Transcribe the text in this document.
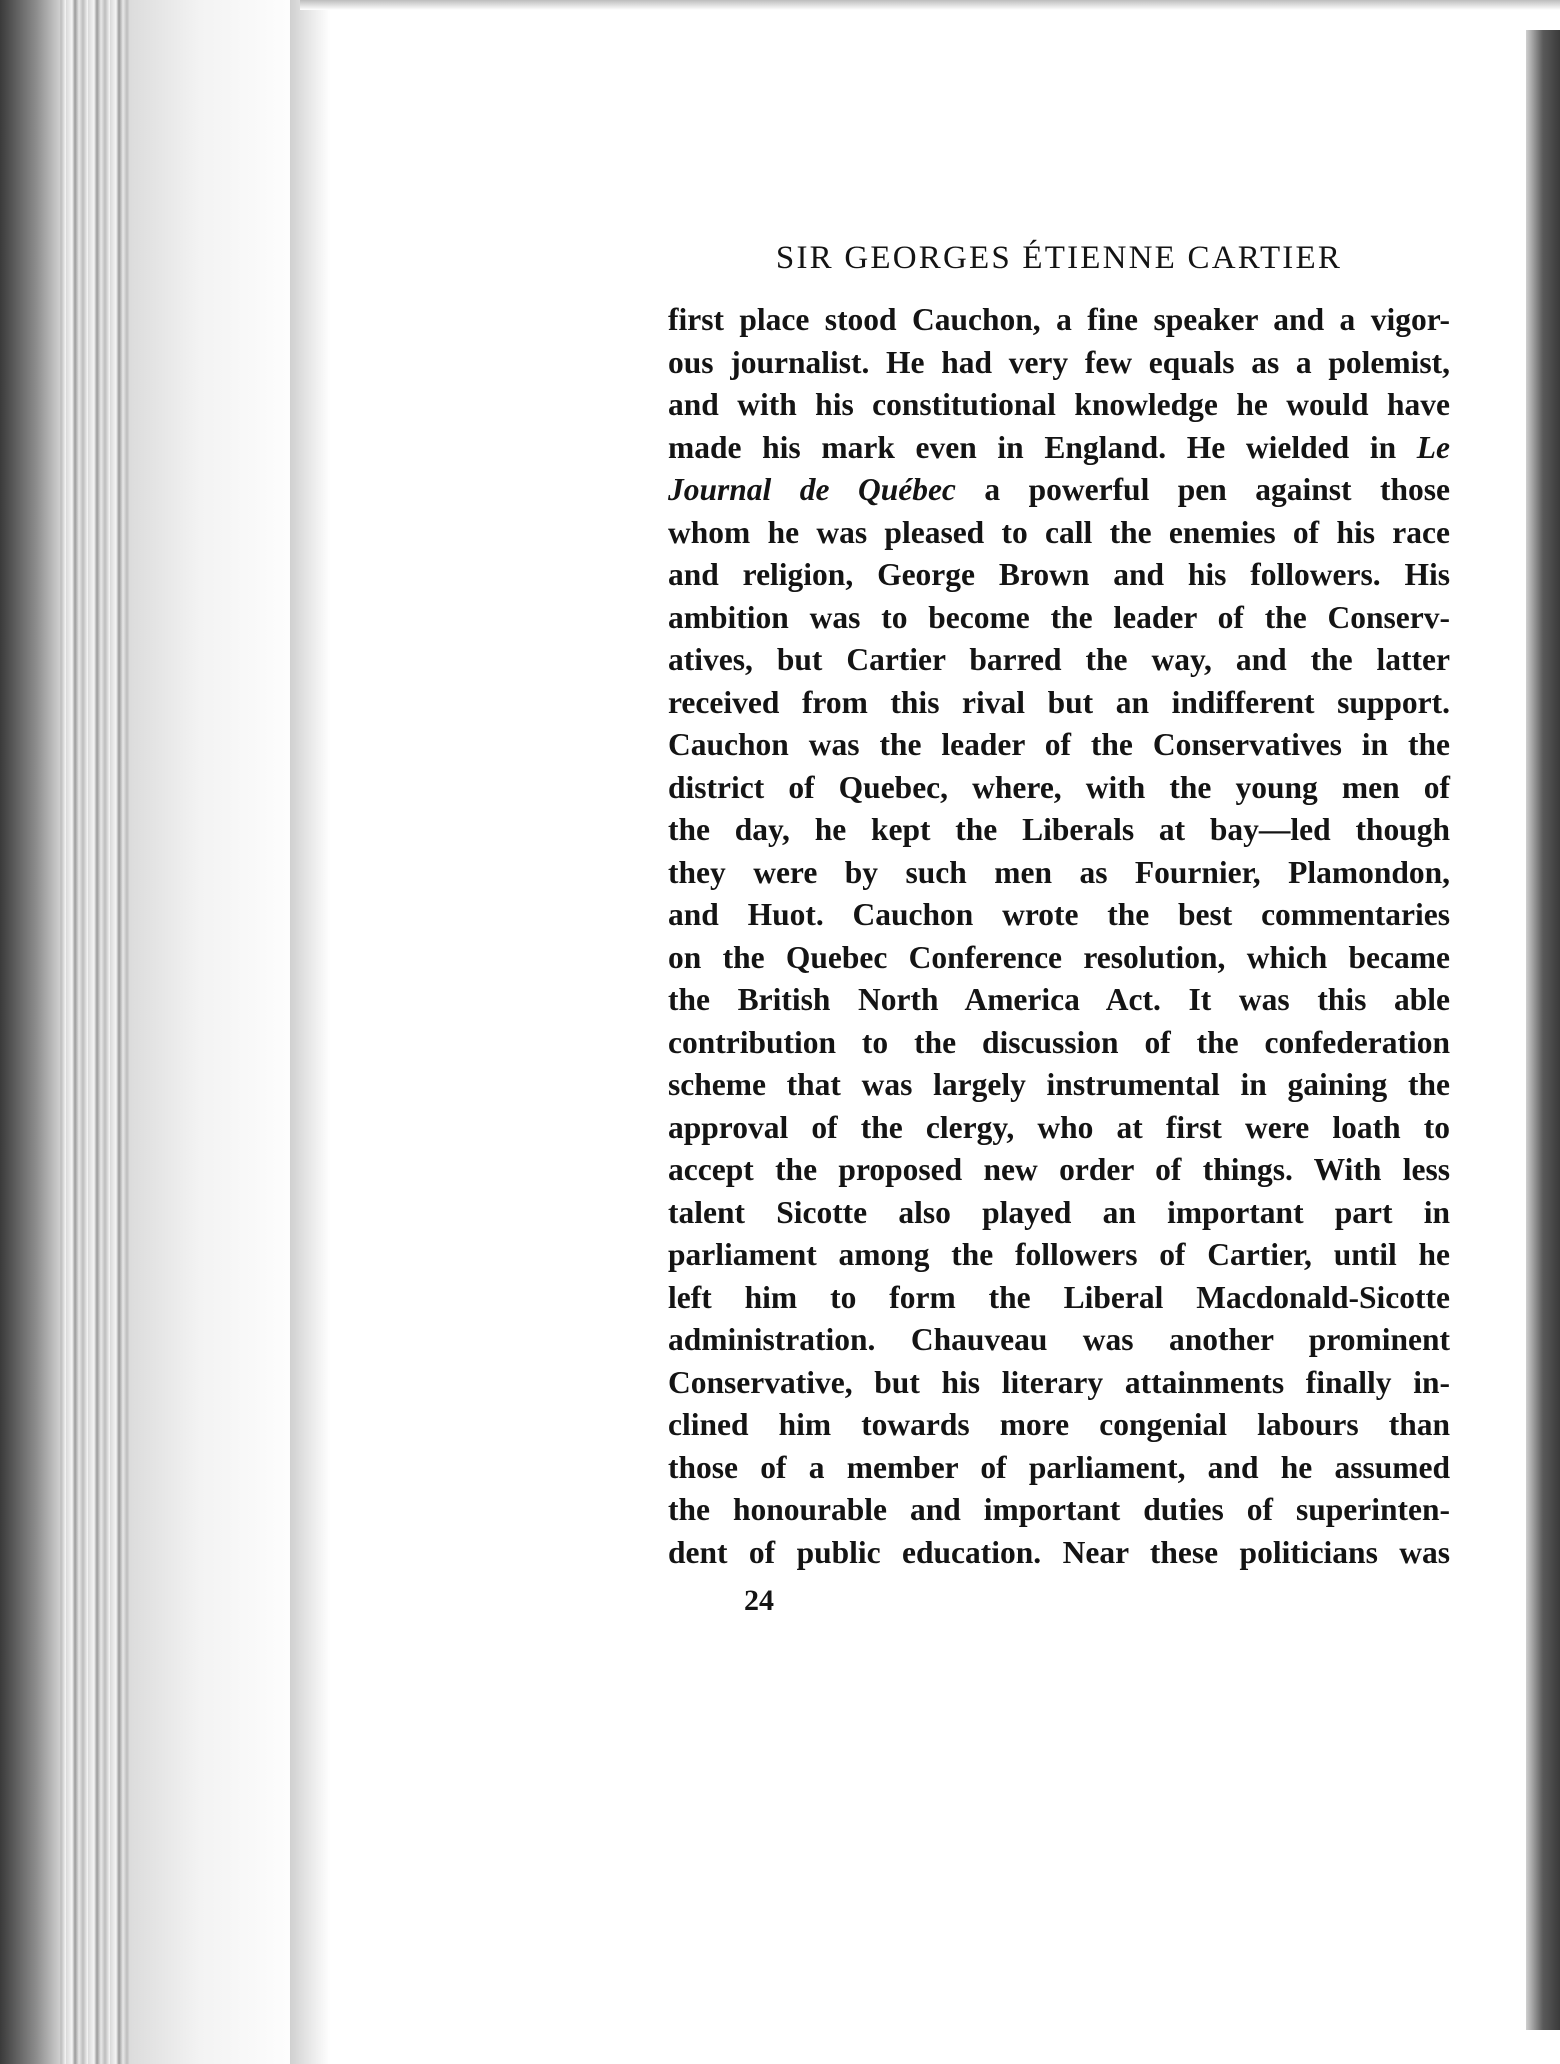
SIR GEORGES ÉTIENNE CARTIER
first place stood Cauchon, a fine speaker and a vigor-
ous journalist. He had very few equals as a polemist,
and with his constitutional knowledge he would have
made his mark even in England. He wielded in Le
Journal de Québec a powerful pen against those
whom he was pleased to call the enemies of his race
and religion, George Brown and his followers. His
ambition was to become the leader of the Conserv-
atives, but Cartier barred the way, and the latter
received from this rival but an indifferent support.
Cauchon was the leader of the Conservatives in the
district of Quebec, where, with the young men of
the day, he kept the Liberals at bay—led though
they were by such men as Fournier, Plamondon,
and Huot. Cauchon wrote the best commentaries
on the Quebec Conference resolution, which became
the British North America Act. It was this able
contribution to the discussion of the confederation
scheme that was largely instrumental in gaining the
approval of the clergy, who at first were loath to
accept the proposed new order of things. With less
talent Sicotte also played an important part in
parliament among the followers of Cartier, until he
left him to form the Liberal Macdonald-Sicotte
administration. Chauveau was another prominent
Conservative, but his literary attainments finally in-
clined him towards more congenial labours than
those of a member of parliament, and he assumed
the honourable and important duties of superinten-
dent of public education. Near these politicians was
24
